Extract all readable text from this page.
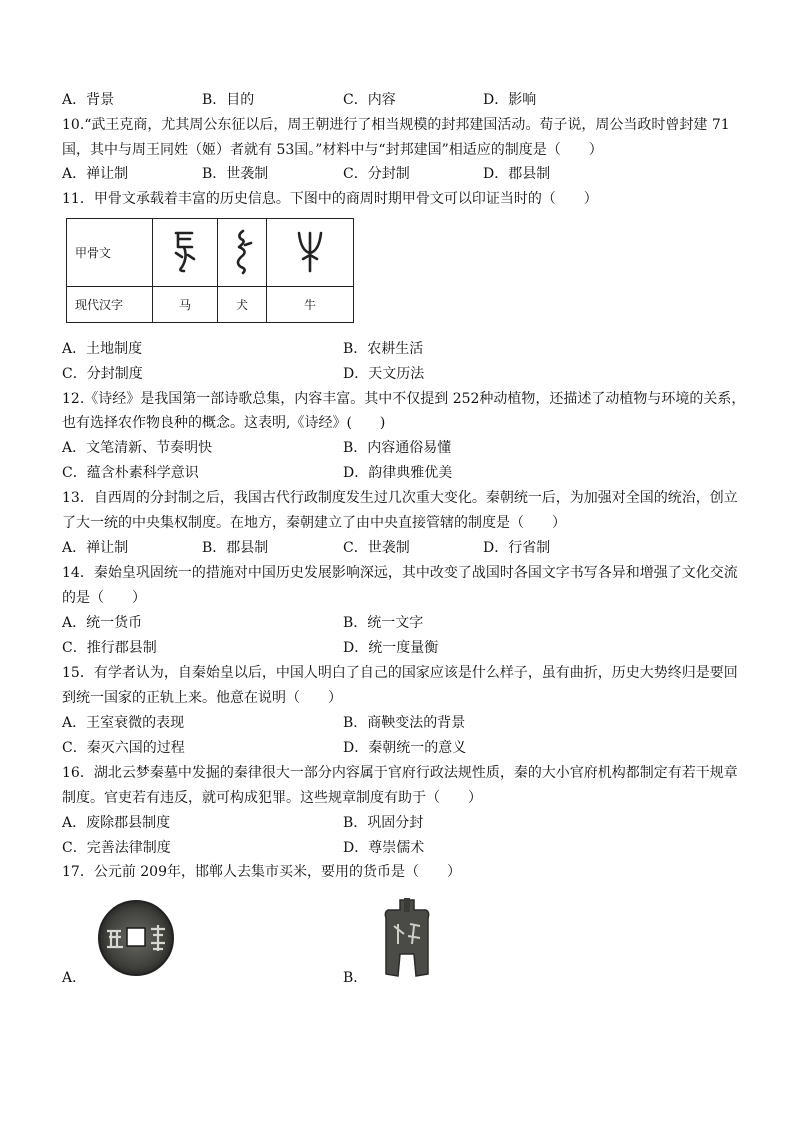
A．背景	B．目的	C．内容	D．影响
10.“武王克商，尤其周公东征以后，周王朝进行了相当规模的封邦建国活动。荀子说，周公当政时曾封建 71
国，其中与周王同姓（姬）者就有 53国。”材料中与“封邦建国”相适应的制度是（　　）
A．禅让制	B．世袭制	C．分封制	D．郡县制
11．甲骨文承载着丰富的历史信息。下图中的商周时期甲骨文可以印证当时的（　　）
甲骨文			
现代汉字	马	犬	牛
A．土地制度	B．农耕生活
C．分封制度	D．天文历法
12.《诗经》是我国第一部诗歌总集，内容丰富。其中不仅提到 252种动植物，还描述了动植物与环境的关系，
也有选择农作物良种的概念。这表明,《诗经》(　　)
A．文笔清新、节奏明快	B．内容通俗易懂
C．蕴含朴素科学意识	D．韵律典雅优美
13．自西周的分封制之后，我国古代行政制度发生过几次重大变化。秦朝统一后，为加强对全国的统治，创立
了大一统的中央集权制度。在地方，秦朝建立了由中央直接管辖的制度是（　　）
A．禅让制	B．郡县制	C．世袭制	D．行省制
14．秦始皇巩固统一的措施对中国历史发展影响深远，其中改变了战国时各国文字书写各异和增强了文化交流
的是（　　）
A．统一货币	B．统一文字
C．推行郡县制	D．统一度量衡
15．有学者认为，自秦始皇以后，中国人明白了自己的国家应该是什么样子，虽有曲折，历史大势终归是要回
到统一国家的正轨上来。他意在说明（　　）
A．王室衰微的表现	B．商鞅变法的背景
C．秦灭六国的过程	D．秦朝统一的意义
16．湖北云梦秦墓中发掘的秦律很大一部分内容属于官府行政法规性质，秦的大小官府机构都制定有若干规章
制度。官吏若有违反，就可构成犯罪。这些规章制度有助于（　　）
A．废除郡县制度	B．巩固分封
C．完善法律制度	D．尊崇儒术
17．公元前 209年，邯郸人去集市买米，要用的货币是（　　）
A．	B．
